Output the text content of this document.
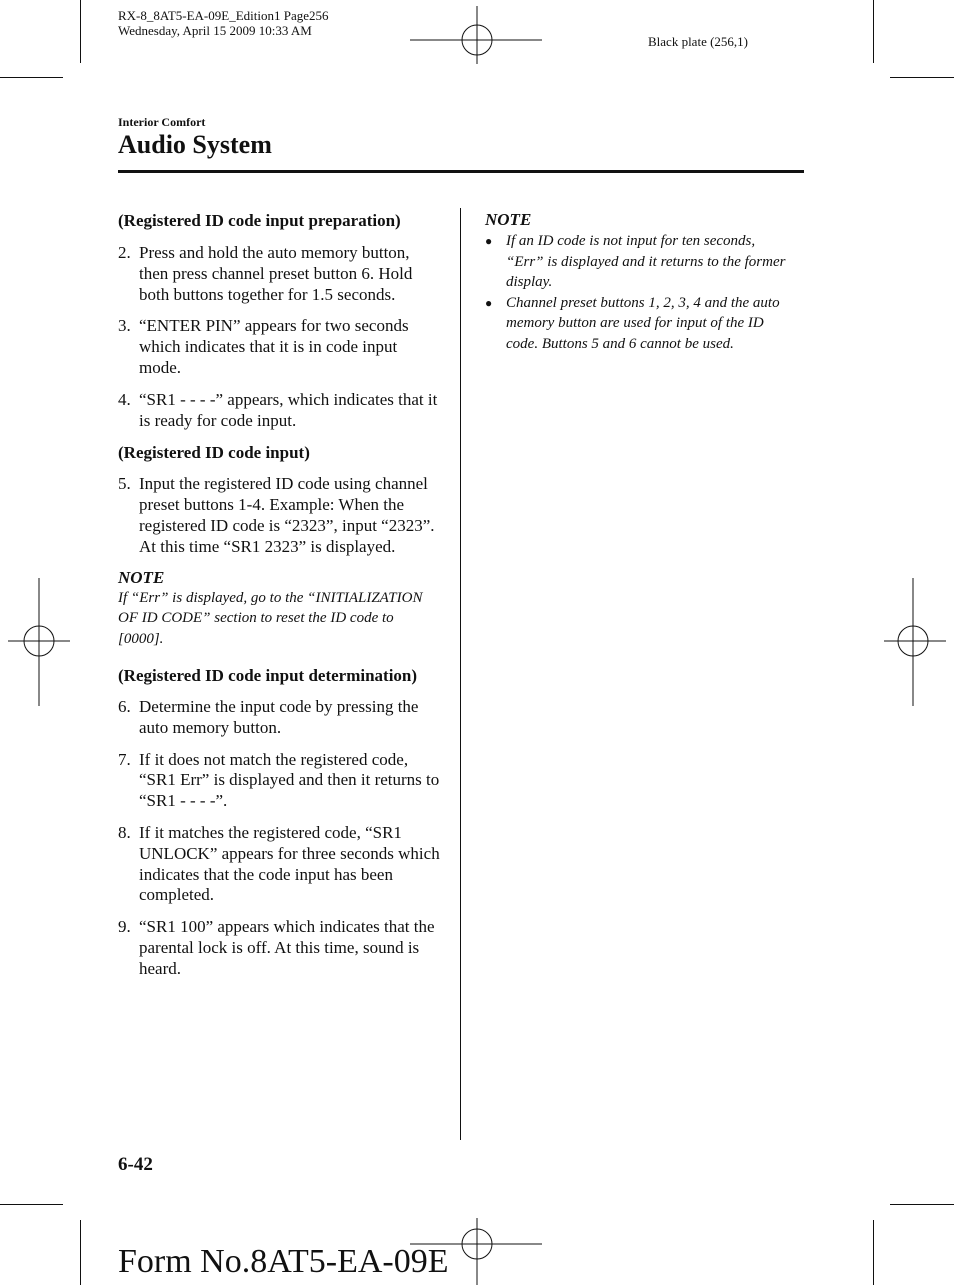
RX-8_8AT5-EA-09E_Edition1 Page256
Wednesday, April 15 2009 10:33 AM
Black plate (256,1)
Interior Comfort
Audio System
(Registered ID code input preparation)
2. Press and hold the auto memory button, then press channel preset button 6. Hold both buttons together for 1.5 seconds.
3. “ENTER PIN” appears for two seconds which indicates that it is in code input mode.
4. “SR1 - - - -” appears, which indicates that it is ready for code input.
(Registered ID code input)
5. Input the registered ID code using channel preset buttons 1-4. Example: When the registered ID code is “2323”, input “2323”. At this time “SR1 2323” is displayed.
NOTE
If “Err” is displayed, go to the “INITIALIZATION OF ID CODE” section to reset the ID code to [0000].
(Registered ID code input determination)
6. Determine the input code by pressing the auto memory button.
7. If it does not match the registered code, “SR1 Err” is displayed and then it returns to “SR1 - - - -”.
8. If it matches the registered code, “SR1 UNLOCK” appears for three seconds which indicates that the code input has been completed.
9. “SR1 100” appears which indicates that the parental lock is off. At this time, sound is heard.
NOTE
● If an ID code is not input for ten seconds, “Err” is displayed and it returns to the former display.
● Channel preset buttons 1, 2, 3, 4 and the auto memory button are used for input of the ID code. Buttons 5 and 6 cannot be used.
6-42
Form No.8AT5-EA-09E
